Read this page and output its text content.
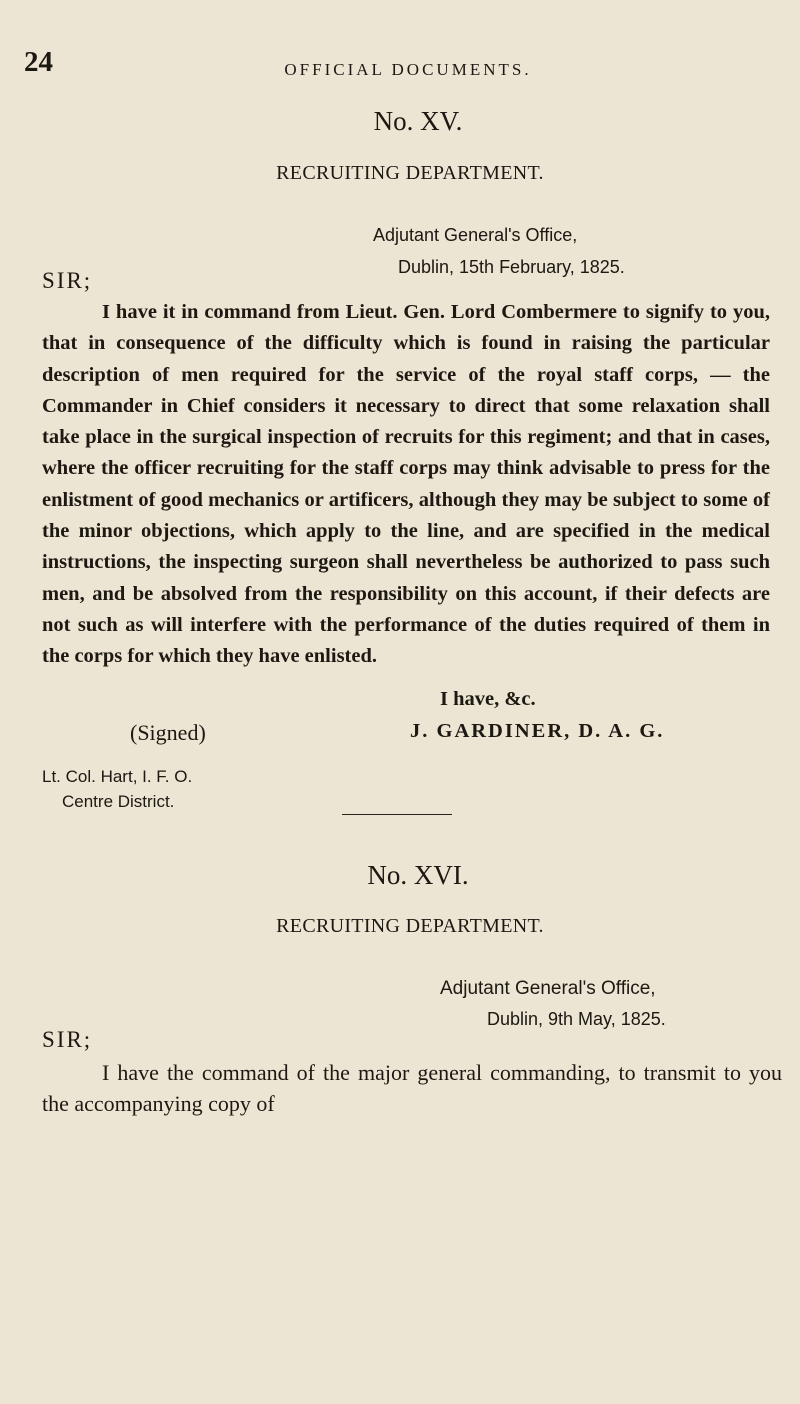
24	OFFICIAL DOCUMENTS.
No. XV.
RECRUITING DEPARTMENT.
Adjutant General's Office,
Dublin, 15th February, 1825.
SIR;
I have it in command from Lieut. Gen. Lord Combermere to signify to you, that in consequence of the difficulty which is found in raising the particular description of men required for the service of the royal staff corps, — the Commander in Chief considers it necessary to direct that some relaxation shall take place in the surgical inspection of recruits for this regiment; and that in cases, where the officer recruiting for the staff corps may think advisable to press for the enlistment of good mechanics or artificers, although they may be subject to some of the minor objections, which apply to the line, and are specified in the medical instructions, the inspecting surgeon shall nevertheless be authorized to pass such men, and be absolved from the responsibility on this account, if their defects are not such as will interfere with the performance of the duties required of them in the corps for which they have enlisted.
I have, &c.
(Signed)	J. GARDINER, D. A. G.
Lt. Col. Hart, I. F. O.
Centre District.
No. XVI.
RECRUITING DEPARTMENT.
Adjutant General's Office,
Dublin, 9th May, 1825.
SIR;
I have the command of the major general commanding, to transmit to you the accompanying copy of
